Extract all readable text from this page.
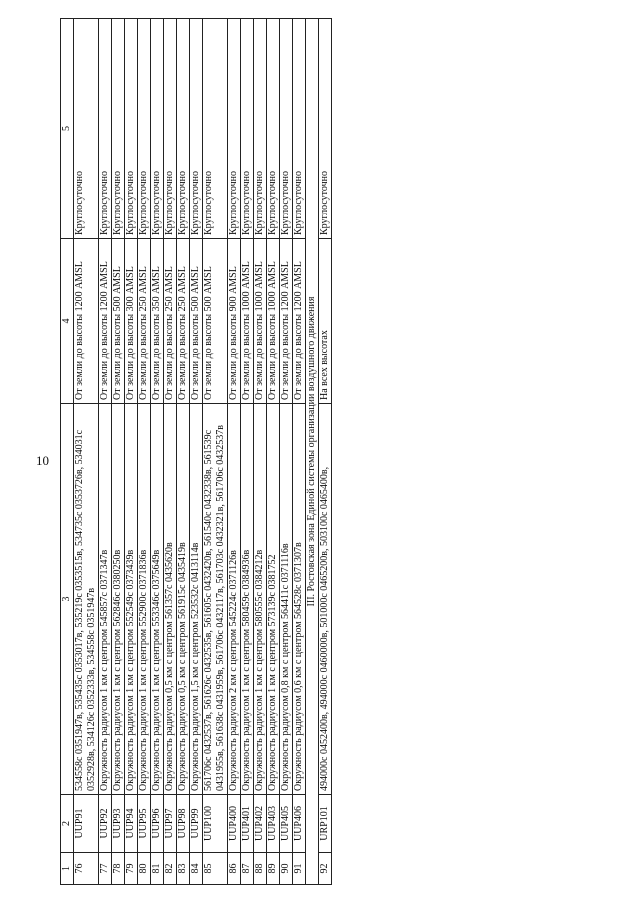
10
1	2	3	4	5
76	UUP91	534558с 0351947в, 535435с 0353017в, 535219с 0353515в, 534735с 0353726в, 534031с 0352928в, 534126с 0352333в, 534558с 0351947в	От земли до высоты 1200 AMSL	Круглосуточно
77	UUP92	Окружность радиусом 1 км с центром 545857с 0371347в	От земли до высоты 1200 AMSL	Круглосуточно
78	UUP93	Окружность радиусом 1 км с центром 562846с 0380250в	От земли до высоты 500 AMSL	Круглосуточно
79	UUP94	Окружность радиусом 1 км с центром 552549с 0373439в	От земли до высоты 300 AMSL	Круглосуточно
80	UUP95	Окружность радиусом 1 км с центром 552900с 0371836в	От земли до высоты 250 AMSL	Круглосуточно
81	UUP96	Окружность радиусом 1 км с центром 553346с 0375649в	От земли до высоты 350 AMSL	Круглосуточно
82	UUP97	Окружность радиусом 0,5 км с центром 561357с 0435620в	От земли до высоты 250 AMSL	Круглосуточно
83	UUP98	Окружность радиусом 0,5 км с центром 561915с 0435419в	От земли до высоты 250 AMSL	Круглосуточно
84	UUP99	Окружность радиусом 1,5 км с центром 523532с 0413114в	От земли до высоты 500 AMSL	Круглосуточно
85	UUP100	561706с 0432537в, 561626с 0432535в, 561605с 0432420в, 561540с 0432338в, 561539с 0431955в, 561638с 0431959в, 561706с 0432117в, 561703с 0432321в, 561706с 0432537в	От земли до высоты 500 AMSL	Круглосуточно
86	UUP400	Окружность радиусом 2 км с центром 545224с 0371126в	От земли до высоты 900 AMSL	Круглосуточно
87	UUP401	Окружность радиусом 1 км с центром 580459с 0384936в	От земли до высоты 1000 AMSL	Круглосуточно
88	UUP402	Окружность радиусом 1 км с центром 580555с 0384212в	От земли до высоты 1000 AMSL	Круглосуточно
89	UUP403	Окружность радиусом 1 км с центром 573139с 0381752	От земли до высоты 1000 AMSL	Круглосуточно
90	UUP405	Окружность радиусом 0,8 км с центром 564411с 0371116в	От земли до высоты 1200 AMSL	Круглосуточно
91	UUP406	Окружность радиусом 0,6 км с центром 564528с 0371307в	От земли до высоты 1200 AMSL	Круглосуточно
III. Ростовская зона Единой системы организации воздушного движения				
92	URP101	494000с 0452400в, 494000с 0460000в, 501000с 0465200в, 503100с 0465400в,	На всех высотах	Круглосуточно
